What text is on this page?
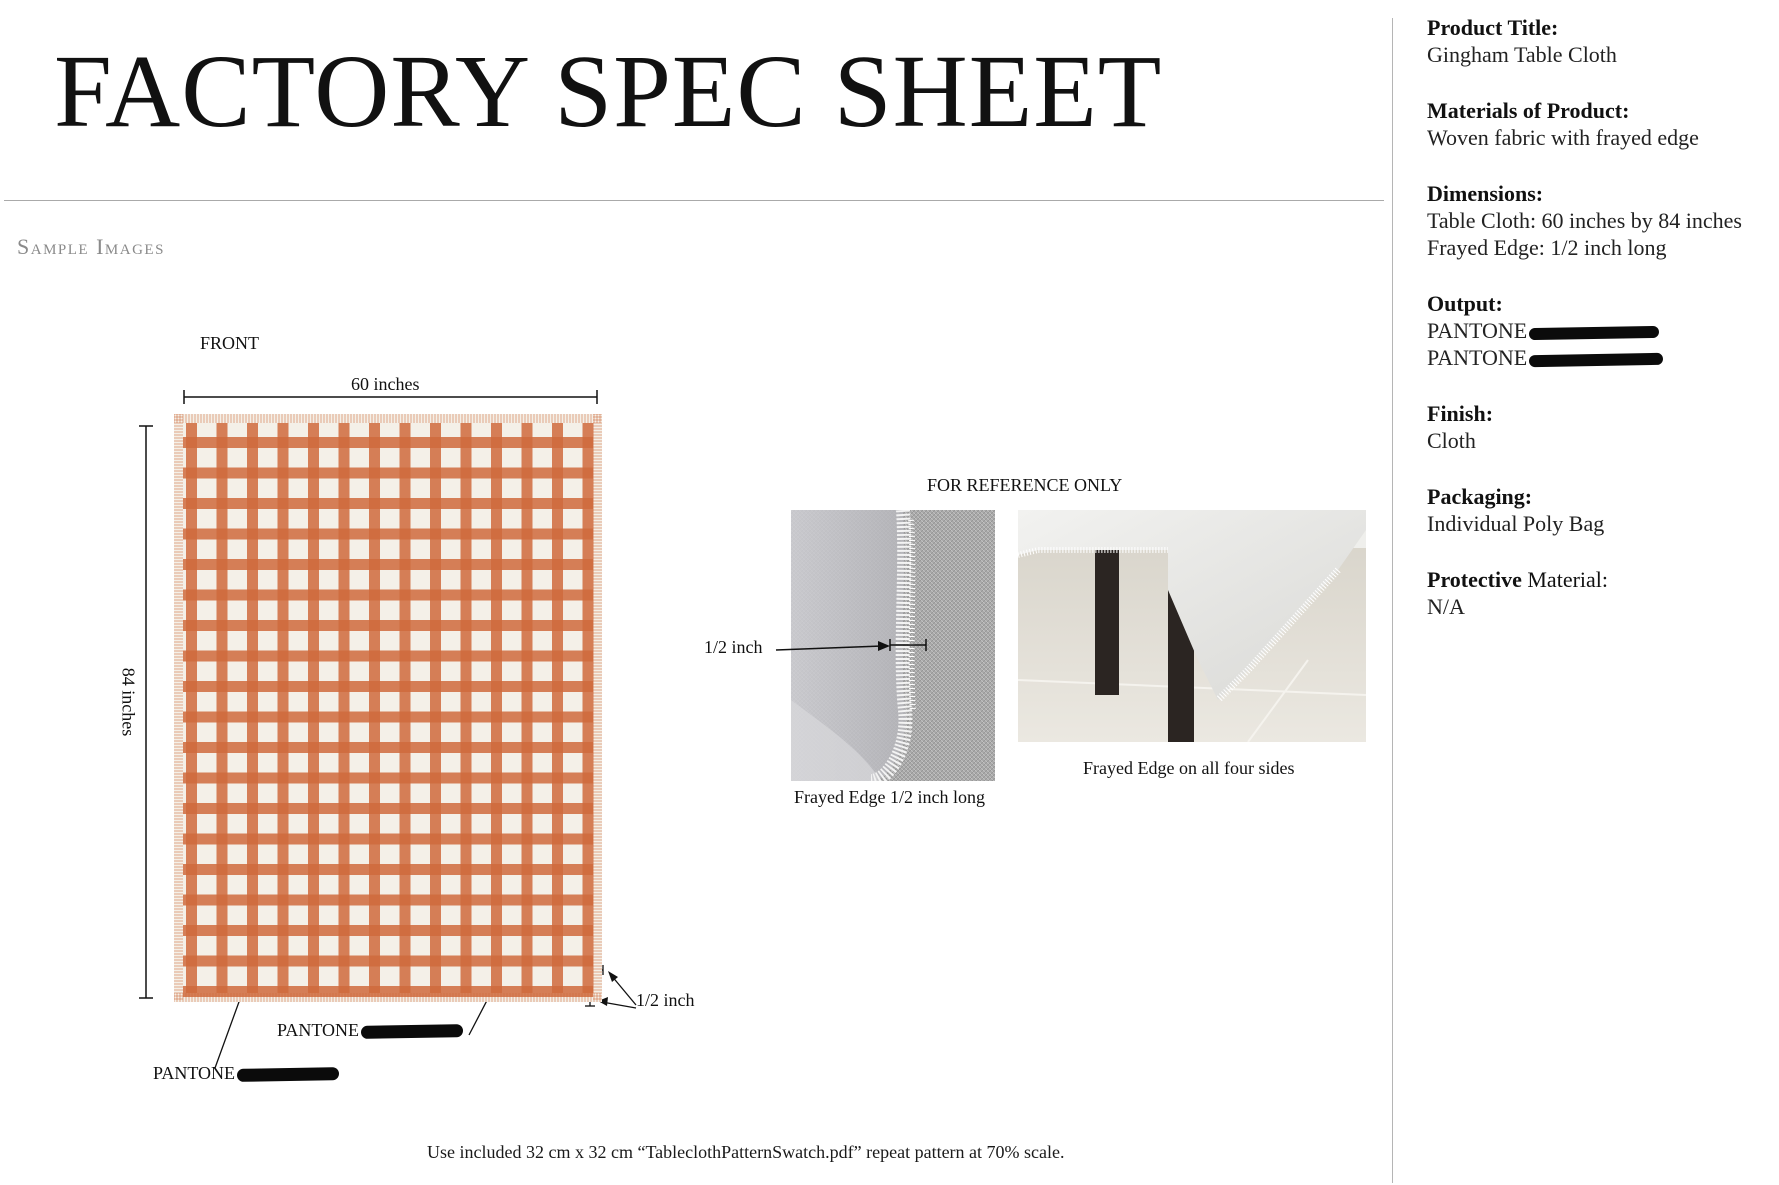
FACTORY SPEC SHEET
Sample Images
FRONT
60 inches
84 inches
1/2 inch
PANTONE
PANTONE
FOR REFERENCE ONLY
1/2 inch
Frayed Edge 1/2 inch long
Frayed Edge on all four sides
Use included 32 cm x 32 cm “TableclothPatternSwatch.pdf” repeat pattern at 70% scale.
Product Title:
Gingham Table Cloth
Materials of Product:
Woven fabric with frayed edge
Dimensions:
Table Cloth: 60 inches by 84 inches
Frayed Edge: 1/2 inch long
Output:
PANTONE
PANTONE
Finish:
Cloth
Packaging:
Individual Poly Bag
Protective Material:
N/A
